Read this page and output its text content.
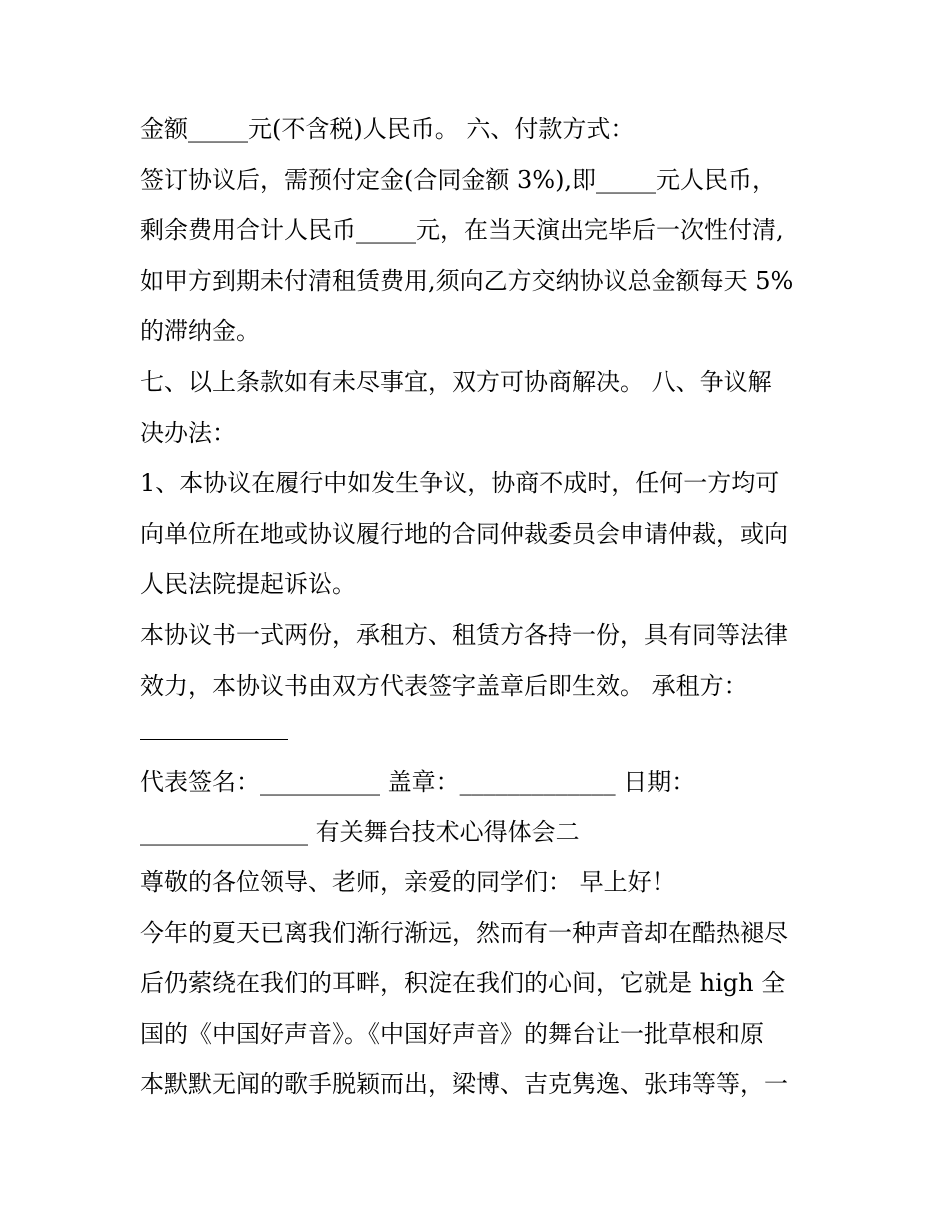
金额_____元(不含税)人民币。 六、付款方式：
签订协议后，需预付定金(合同金额 3%),即_____元人民币，
剩余费用合计人民币_____元，在当天演出完毕后一次性付清,
如甲方到期未付清租赁费用,须向乙方交纳协议总金额每天 5%
的滞纳金。
七、以上条款如有未尽事宜，双方可协商解决。 八、争议解
决办法：
1、本协议在履行中如发生争议，协商不成时，任何一方均可
向单位所在地或协议履行地的合同仲裁委员会申请仲裁，或向
人民法院提起诉讼。
本协议书一式两份，承租方、租赁方各持一份，具有同等法律
效力，本协议书由双方代表签字盖章后即生效。 承租方：
代表签名：__________ 盖章：_____________ 日期：
______________ 有关舞台技术心得体会二
尊敬的各位领导、老师，亲爱的同学们： 早上好！
今年的夏天已离我们渐行渐远，然而有一种声音却在酷热褪尽
后仍萦绕在我们的耳畔，积淀在我们的心间，它就是 high 全
国的《中国好声音》。《中国好声音》的舞台让一批草根和原
本默默无闻的歌手脱颖而出，梁博、吉克隽逸、张玮等等，一
